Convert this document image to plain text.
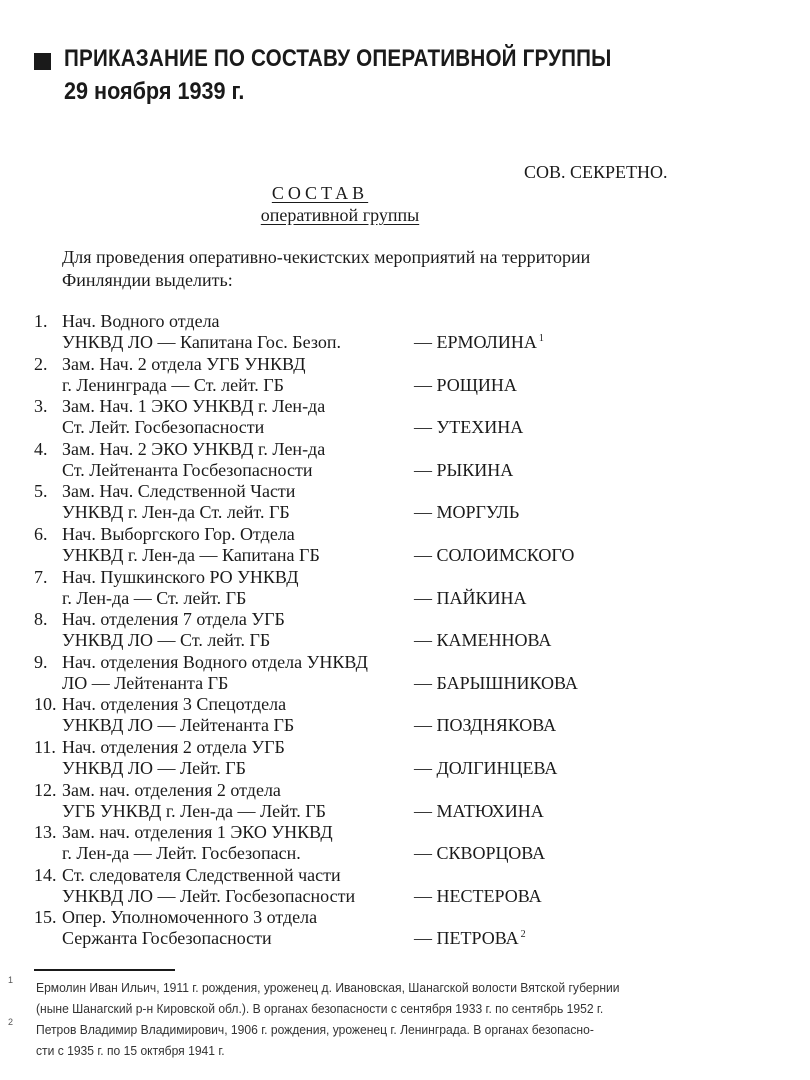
ПРИКАЗАНИЕ ПО СОСТАВУ ОПЕРАТИВНОЙ ГРУППЫ
29 ноября 1939 г.
СОВ. СЕКРЕТНО.
СОСТАВ
оперативной группы
Для проведения оперативно-чекистских мероприятий на территории
Финляндии выделить:
1. Нач. Водного отдела
УНКВД ЛО — Капитана Гос. Безоп.	— ЕРМОЛИНА $^1$
2. Зам. Нач. 2 отдела УГБ УНКВД
г. Ленинграда — Ст. лейт. ГБ	— РОЩИНА
3. Зам. Нач. 1 ЭКО УНКВД г. Лен-да
Ст. Лейт. Госбезопасности	— УТЕХИНА
4. Зам. Нач. 2 ЭКО УНКВД г. Лен-да
Ст. Лейтенанта Госбезопасности	— РЫКИНА
5. Зам. Нач. Следственной Части
УНКВД г. Лен-да Ст. лейт. ГБ	— МОРГУЛЬ
6. Нач. Выборгского Гор. Отдела
УНКВД г. Лен-да — Капитана ГБ	— СОЛОИМСКОГО
7. Нач. Пушкинского РО УНКВД
г. Лен-да — Ст. лейт. ГБ	— ПАЙКИНА
8. Нач. отделения 7 отдела УГБ
УНКВД ЛО — Ст. лейт. ГБ	— КАМЕННОВА
9. Нач. отделения Водного отдела УНКВД
ЛО — Лейтенанта ГБ	— БАРЫШНИКОВА
10. Нач. отделения 3 Спецотдела
УНКВД ЛО — Лейтенанта ГБ	— ПОЗДНЯКОВА
11. Нач. отделения 2 отдела УГБ
УНКВД ЛО — Лейт. ГБ	— ДОЛГИНЦЕВА
12. Зам. нач. отделения 2 отдела
УГБ УНКВД г. Лен-да — Лейт. ГБ	— МАТЮХИНА
13. Зам. нач. отделения 1 ЭКО УНКВД
г. Лен-да — Лейт. Госбезопасн.	— СКВОРЦОВА
14. Ст. следователя Следственной части
УНКВД ЛО — Лейт. Госбезопасности	— НЕСТЕРОВА
15. Опер. Уполномоченного 3 отдела
Сержанта Госбезопасности	— ПЕТРОВА $^2$
1 Ермолин Иван Ильич, 1911 г. рождения, уроженец д. Ивановская, Шанагской волости Вятской губернии
(ныне Шанагский р-н Кировской обл.). В органах безопасности с сентября 1933 г. по сентябрь 1952 г.
2 Петров Владимир Владимирович, 1906 г. рождения, уроженец г. Ленинграда. В органах безопасно-
сти с 1935 г. по 15 октября 1941 г.
